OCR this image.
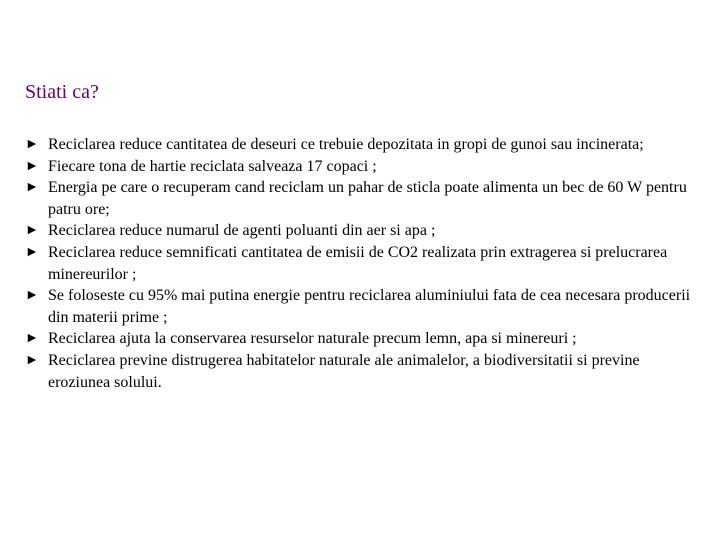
Stiati ca?
► Reciclarea reduce cantitatea de deseuri ce trebuie depozitata in gropi de gunoi sau incinerata;
► Fiecare tona de hartie reciclata salveaza 17 copaci ;
► Energia pe care o recuperam cand reciclam un pahar de sticla poate alimenta un bec de 60 W pentru patru ore;
► Reciclarea reduce numarul de agenti poluanti din aer si apa ;
► Reciclarea reduce semnificati cantitatea de emisii de CO2 realizata prin extragerea si prelucrarea minereurilor ;
► Se foloseste cu 95% mai putina energie pentru reciclarea aluminiului fata de cea necesara producerii din materii prime ;
► Reciclarea ajuta la conservarea resurselor naturale precum lemn, apa si minereuri ;
► Reciclarea previne distrugerea habitatelor naturale ale animalelor, a biodiversitatii si previne eroziunea solului.
